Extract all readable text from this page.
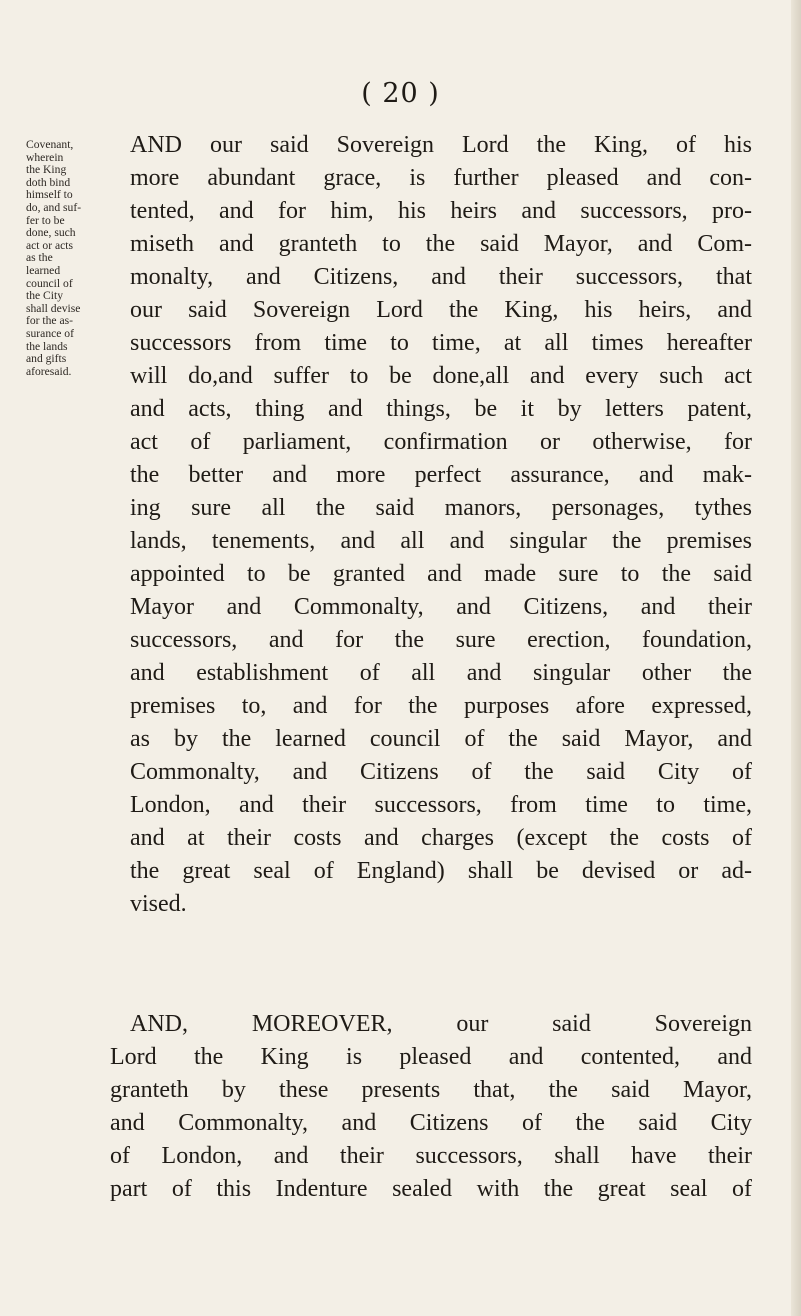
( 20 )
Covenant,
wherein
the King
doth bind
himself to
do, and suf-
fer to be
done, such
act or acts
as the
learned
council of
the City
shall devise
for the as-
surance of
the lands
and gifts
aforesaid.
AND our said Sovereign Lord the King, of his
more abundant grace, is further pleased and con-
tented, and for him, his heirs and successors, pro-
miseth and granteth to the said Mayor, and Com-
monalty, and Citizens, and their successors, that
our said Sovereign Lord the King, his heirs, and
successors from time to time, at all times hereafter
will do,and suffer to be done,all and every such act
and acts, thing and things, be it by letters patent,
act of parliament, confirmation or otherwise, for
the better and more perfect assurance, and mak-
ing sure all the said manors, personages, tythes
lands, tenements, and all and singular the premises
appointed to be granted and made sure to the said
Mayor and Commonalty, and Citizens, and their
successors, and for the sure erection, foundation,
and establishment of all and singular other the
premises to, and for the purposes afore expressed,
as by the learned council of the said Mayor, and
Commonalty, and Citizens of the said City of
London, and their successors, from time to time,
and at their costs and charges (except the costs of
the great seal of England) shall be devised or ad-
vised.
AND, MOREOVER, our said Sovereign
Lord the King is pleased and contented, and
granteth by these presents that, the said Mayor,
and Commonalty, and Citizens of the said City
of London, and their successors, shall have their
part of this Indenture sealed with the great seal of
